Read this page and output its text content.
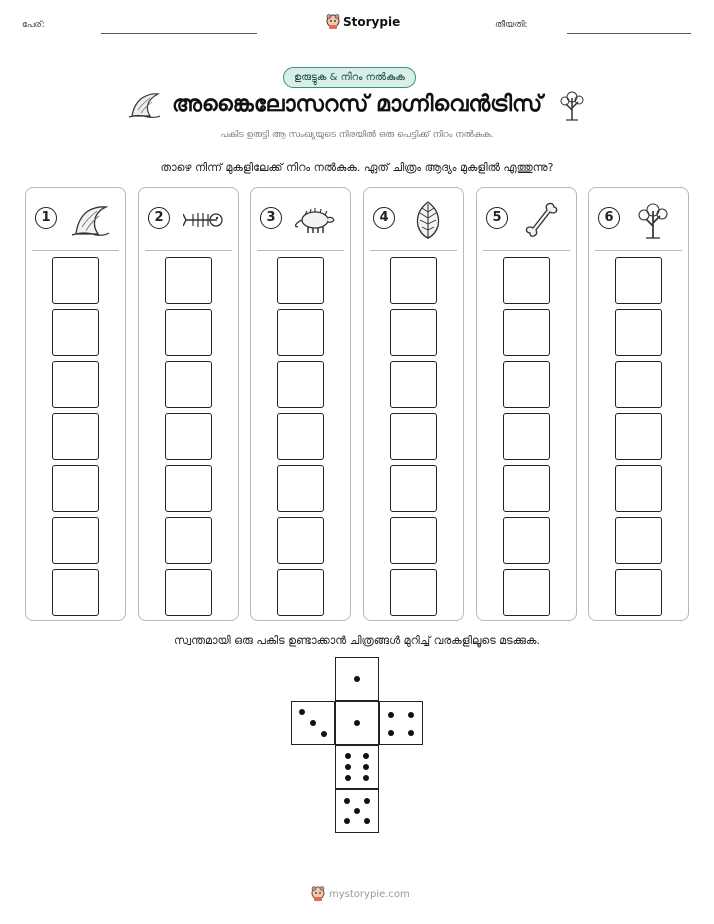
പേര്:	Storypie	തീയതി:
ഉരുട്ടുക & നിറം നൽകുക
അങ്കൈലോസറസ് മാഗ്നിവെൻട്രിസ്
പകിട ഉരുട്ടി ആ സംഖ്യയുടെ നിരയിൽ ഒരു പെട്ടിക്ക് നിറം നൽകുക.
താഴെ നിന്ന് മുകളിലേക്ക് നിറം നൽകുക. ഏത് ചിത്രം ആദ്യം മുകളിൽ എത്തുന്നു?
1	2	3	4	5	6
സ്വന്തമായി ഒരു പകിട ഉണ്ടാക്കാൻ ചിത്രങ്ങൾ മുറിച്ച് വരകളിലൂടെ മടക്കുക.
mystorypie.com
